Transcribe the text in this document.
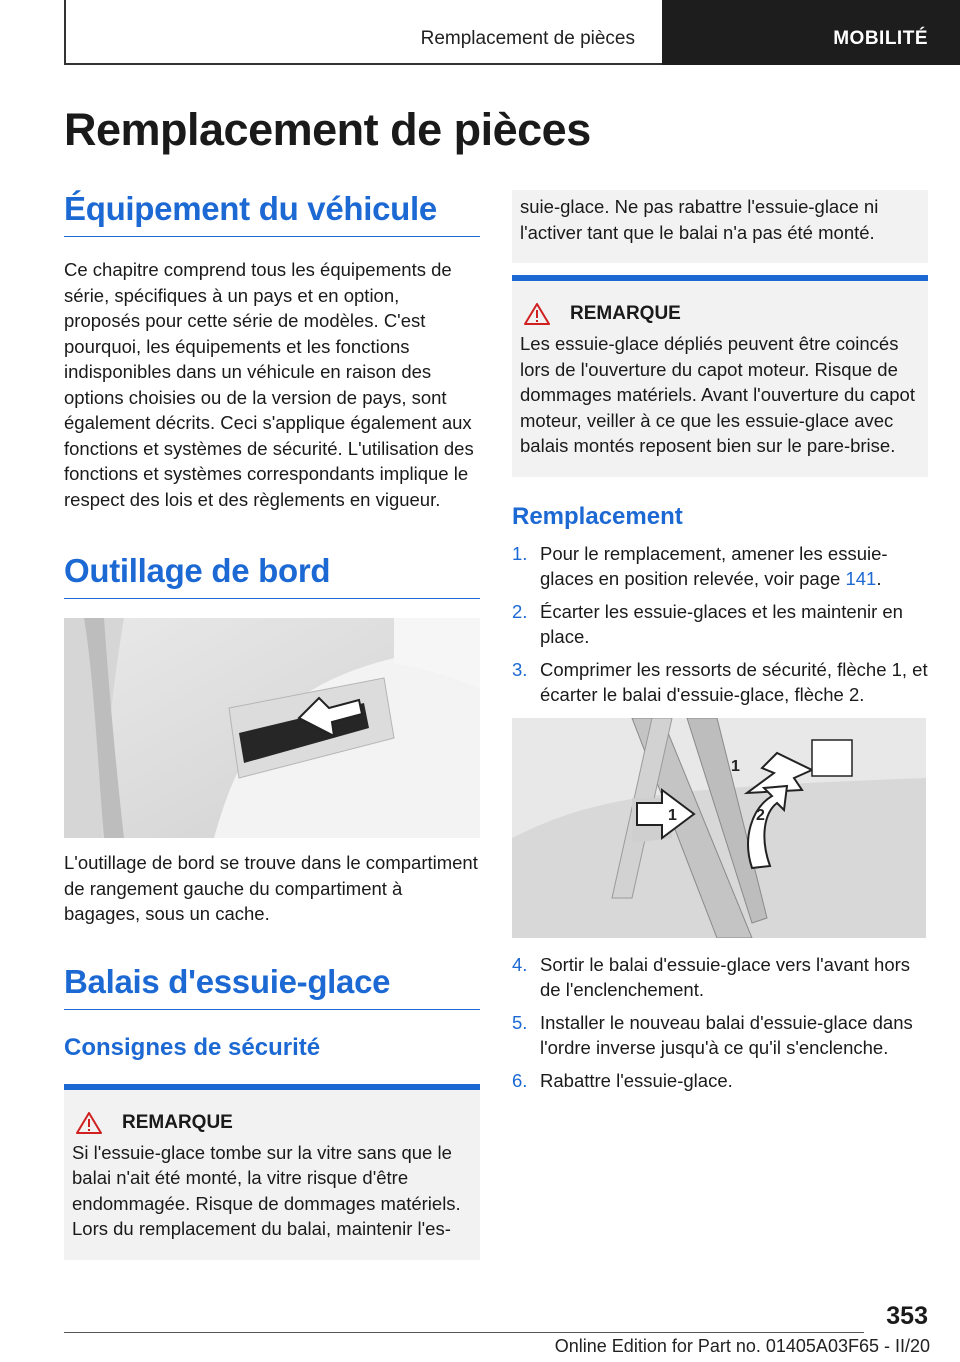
Remplacement de pièces	MOBILITÉ
Remplacement de pièces
Équipement du véhicule

Ce chapitre comprend tous les équipements de série, spécifiques à un pays et en option, proposés pour cette série de modèles. C'est pourquoi, les équipements et les fonctions indisponibles dans un véhicule en raison des options choisies ou de la version de pays, sont également décrits. Ceci s'applique également aux fonctions et systèmes de sécurité. L'utilisation des fonctions et systèmes correspondants implique le respect des lois et des règlements en vigueur.

Outillage de bord

L'outillage de bord se trouve dans le compartiment de rangement gauche du compartiment à bagages, sous un cache.

Balais d'essuie-glace
Consignes de sécurité
REMARQUE

Si l'essuie-glace tombe sur la vitre sans que le balai n'ait été monté, la vitre risque d'être endommagée. Risque de dommages matériels. Lors du remplacement du balai, maintenir l'es-

suie-glace. Ne pas rabattre l'essuie-glace ni l'activer tant que le balai n'a pas été monté.

REMARQUE

Les essuie-glace dépliés peuvent être coincés lors de l'ouverture du capot moteur. Risque de dommages matériels. Avant l'ouverture du capot moteur, veiller à ce que les essuie-glace avec balais montés reposent bien sur le pare-brise.

Remplacement
1. Pour le remplacement, amener les essuie-glaces en position relevée, voir page 141.
2. Écarter les essuie-glaces et les maintenir en place.
3. Comprimer les ressorts de sécurité, flèche 1, et écarter le balai d'essuie-glace, flèche 2.
1
1
2
4. Sortir le balai d'essuie-glace vers l'avant hors de l'enclenchement.
5. Installer le nouveau balai d'essuie-glace dans l'ordre inverse jusqu'à ce qu'il s'enclenche.
6. Rabattre l'essuie-glace.
353
Online Edition for Part no. 01405A03F65 - II/20
